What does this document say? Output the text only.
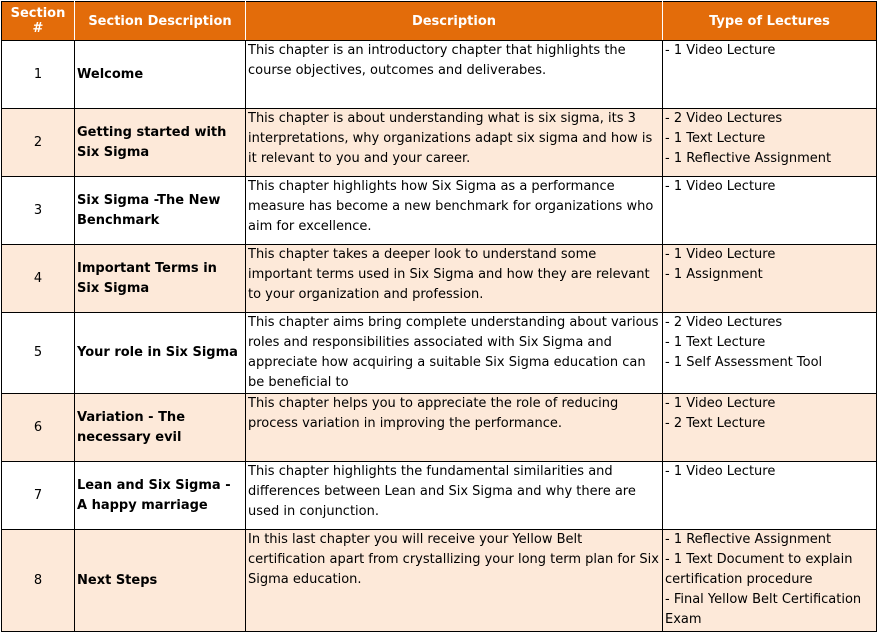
Section #	Section Description	Description	Type of Lectures
1	Welcome	This chapter is an introductory chapter that highlights the course objectives, outcomes and deliverabes.	- 1 Video Lecture

2	Getting started with Six Sigma	This chapter is about understanding what is six sigma, its 3 interpretations, why organizations adapt six sigma and how is it relevant to you and your career.	- 2 Video Lectures
- 1 Text Lecture
- 1 Reflective Assignment

3	Six Sigma -The New Benchmark	This chapter highlights how Six Sigma as a performance measure has become a new benchmark for organizations who aim for excellence.	- 1 Video Lecture

4	Important Terms in Six Sigma	This chapter takes a deeper look to understand some important terms used in Six Sigma and how they are relevant to your organization and profession.	- 1 Video Lecture
- 1 Assignment

5	Your role in Six Sigma	This chapter aims bring complete understanding about various roles and responsibilities associated with Six Sigma and appreciate how acquiring a suitable Six Sigma education can be beneficial to	- 2 Video Lectures
- 1 Text Lecture
- 1 Self Assessment Tool

6	Variation - The necessary evil	This chapter helps you to appreciate the role of reducing process variation in improving the performance.	- 1 Video Lecture
- 2 Text Lecture

7	Lean and Six Sigma - A happy marriage	This chapter highlights the fundamental similarities and differences between Lean and Six Sigma and why there are used in conjunction.	- 1 Video Lecture

8	Next Steps	In this last chapter you will receive your Yellow Belt certification apart from crystallizing your long term plan for Six Sigma education.	- 1 Reflective Assignment
- 1 Text Document to explain certification procedure
- Final Yellow Belt Certification Exam
